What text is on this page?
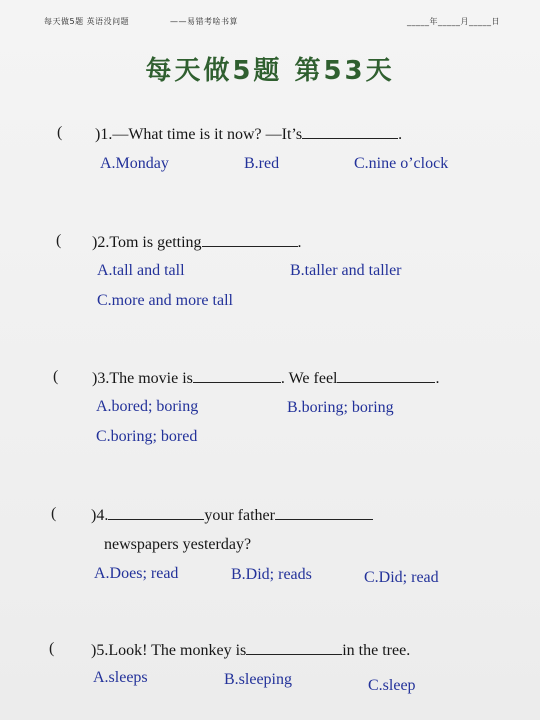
每天做5题 英语没问题	——易错考啥书算	_____年_____月_____日
每天做5题 第53天
( )1.—What time is it now? —It’s	.
A.Monday	B.red	C.nine o’clock
( )2.Tom is getting	.
A.tall and tall	B.taller and taller
C.more and more tall
( )3.The movie is	. We feel	.
A.bored; boring	B.boring; boring
C.boring; bored
( )4.	your father
newspapers yesterday?
A.Does; read	B.Did; reads	C.Did; read
( )5.Look! The monkey is	in the tree.
A.sleeps	B.sleeping	C.sleep
